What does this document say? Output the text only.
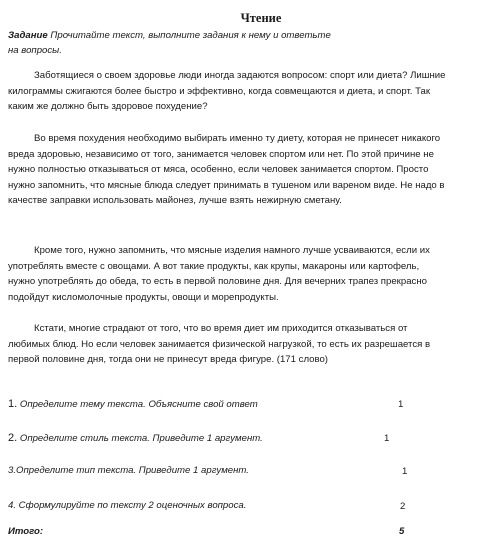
Чтение
Задание Прочитайте текст, выполните задания к нему и ответьте на вопросы.

Заботящиеся о своем здоровье люди иногда задаются вопросом: спорт или диета? Лишние килограммы сжигаются более быстро и эффективно, когда совмещаются и диета, и спорт. Так каким же должно быть здоровое похудение?

Во время похудения необходимо выбирать именно ту диету, которая не принесет никакого вреда здоровью, независимо от того, занимается человек спортом или нет. По этой причине не нужно полностью отказываться от мяса, особенно, если человек занимается спортом. Просто нужно запомнить, что мясные блюда следует принимать в тушеном или вареном виде. Не надо в качестве заправки использовать майонез, лучше взять нежирную сметану.

Кроме того, нужно запомнить, что мясные изделия намного лучше усваиваются, если их употреблять вместе с овощами. А вот такие продукты, как крупы, макароны или картофель, нужно употреблять до обеда, то есть в первой половине дня. Для вечерних трапез прекрасно подойдут кисломолочные продукты, овощи и морепродукты.

Кстати, многие страдают от того, что во время диет им приходится отказываться от любимых блюд. Но если человек занимается физической нагрузкой, то есть их разрешается в первой половине дня, тогда они не принесут вреда фигуре. (171 слово)

1. Определите тему текста. Объясните свой ответ	1
2. Определите стиль текста. Приведите 1 аргумент.	1
3.Определите тип текста. Приведите 1 аргумент.	1
4. Сформулируйте по тексту 2 оценочных вопроса.	2
Итого:	5
